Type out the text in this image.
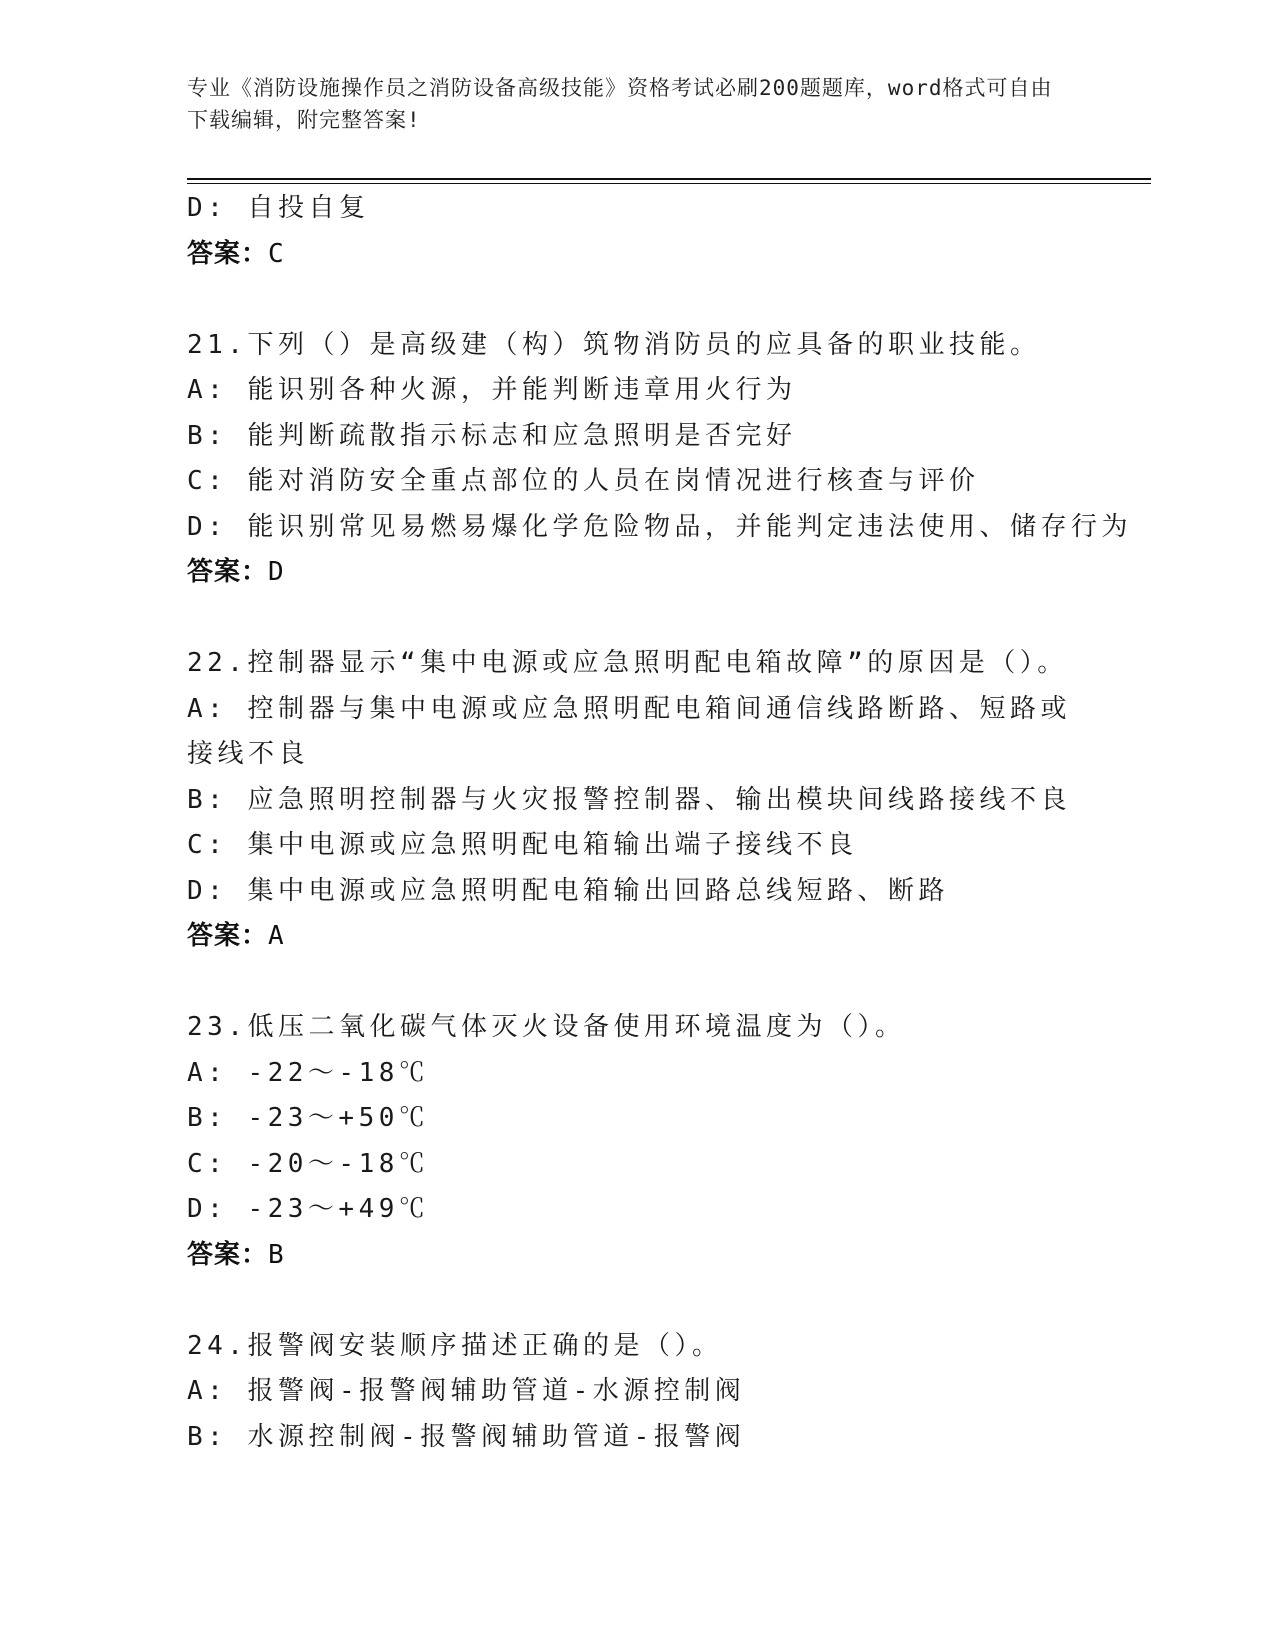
专业《消防设施操作员之消防设备高级技能》资格考试必刷200题题库，word格式可自由下载编辑，附完整答案!
D: 自投自复
答案：C
21.下列（）是高级建（构）筑物消防员的应具备的职业技能。
A: 能识别各种火源，并能判断违章用火行为
B: 能判断疏散指示标志和应急照明是否完好
C: 能对消防安全重点部位的人员在岗情况进行核查与评价
D: 能识别常见易燃易爆化学危险物品，并能判定违法使用、储存行为
答案：D
22.控制器显示“集中电源或应急照明配电箱故障”的原因是（）。
A: 控制器与集中电源或应急照明配电箱间通信线路断路、短路或接线不良
B: 应急照明控制器与火灾报警控制器、输出模块间线路接线不良
C: 集中电源或应急照明配电箱输出端子接线不良
D: 集中电源或应急照明配电箱输出回路总线短路、断路
答案：A
23.低压二氧化碳气体灭火设备使用环境温度为（）。
A: -22～-18℃
B: -23～+50℃
C: -20～-18℃
D: -23～+49℃
答案：B
24.报警阀安装顺序描述正确的是（）。
A: 报警阀-报警阀辅助管道-水源控制阀
B: 水源控制阀-报警阀辅助管道-报警阀
